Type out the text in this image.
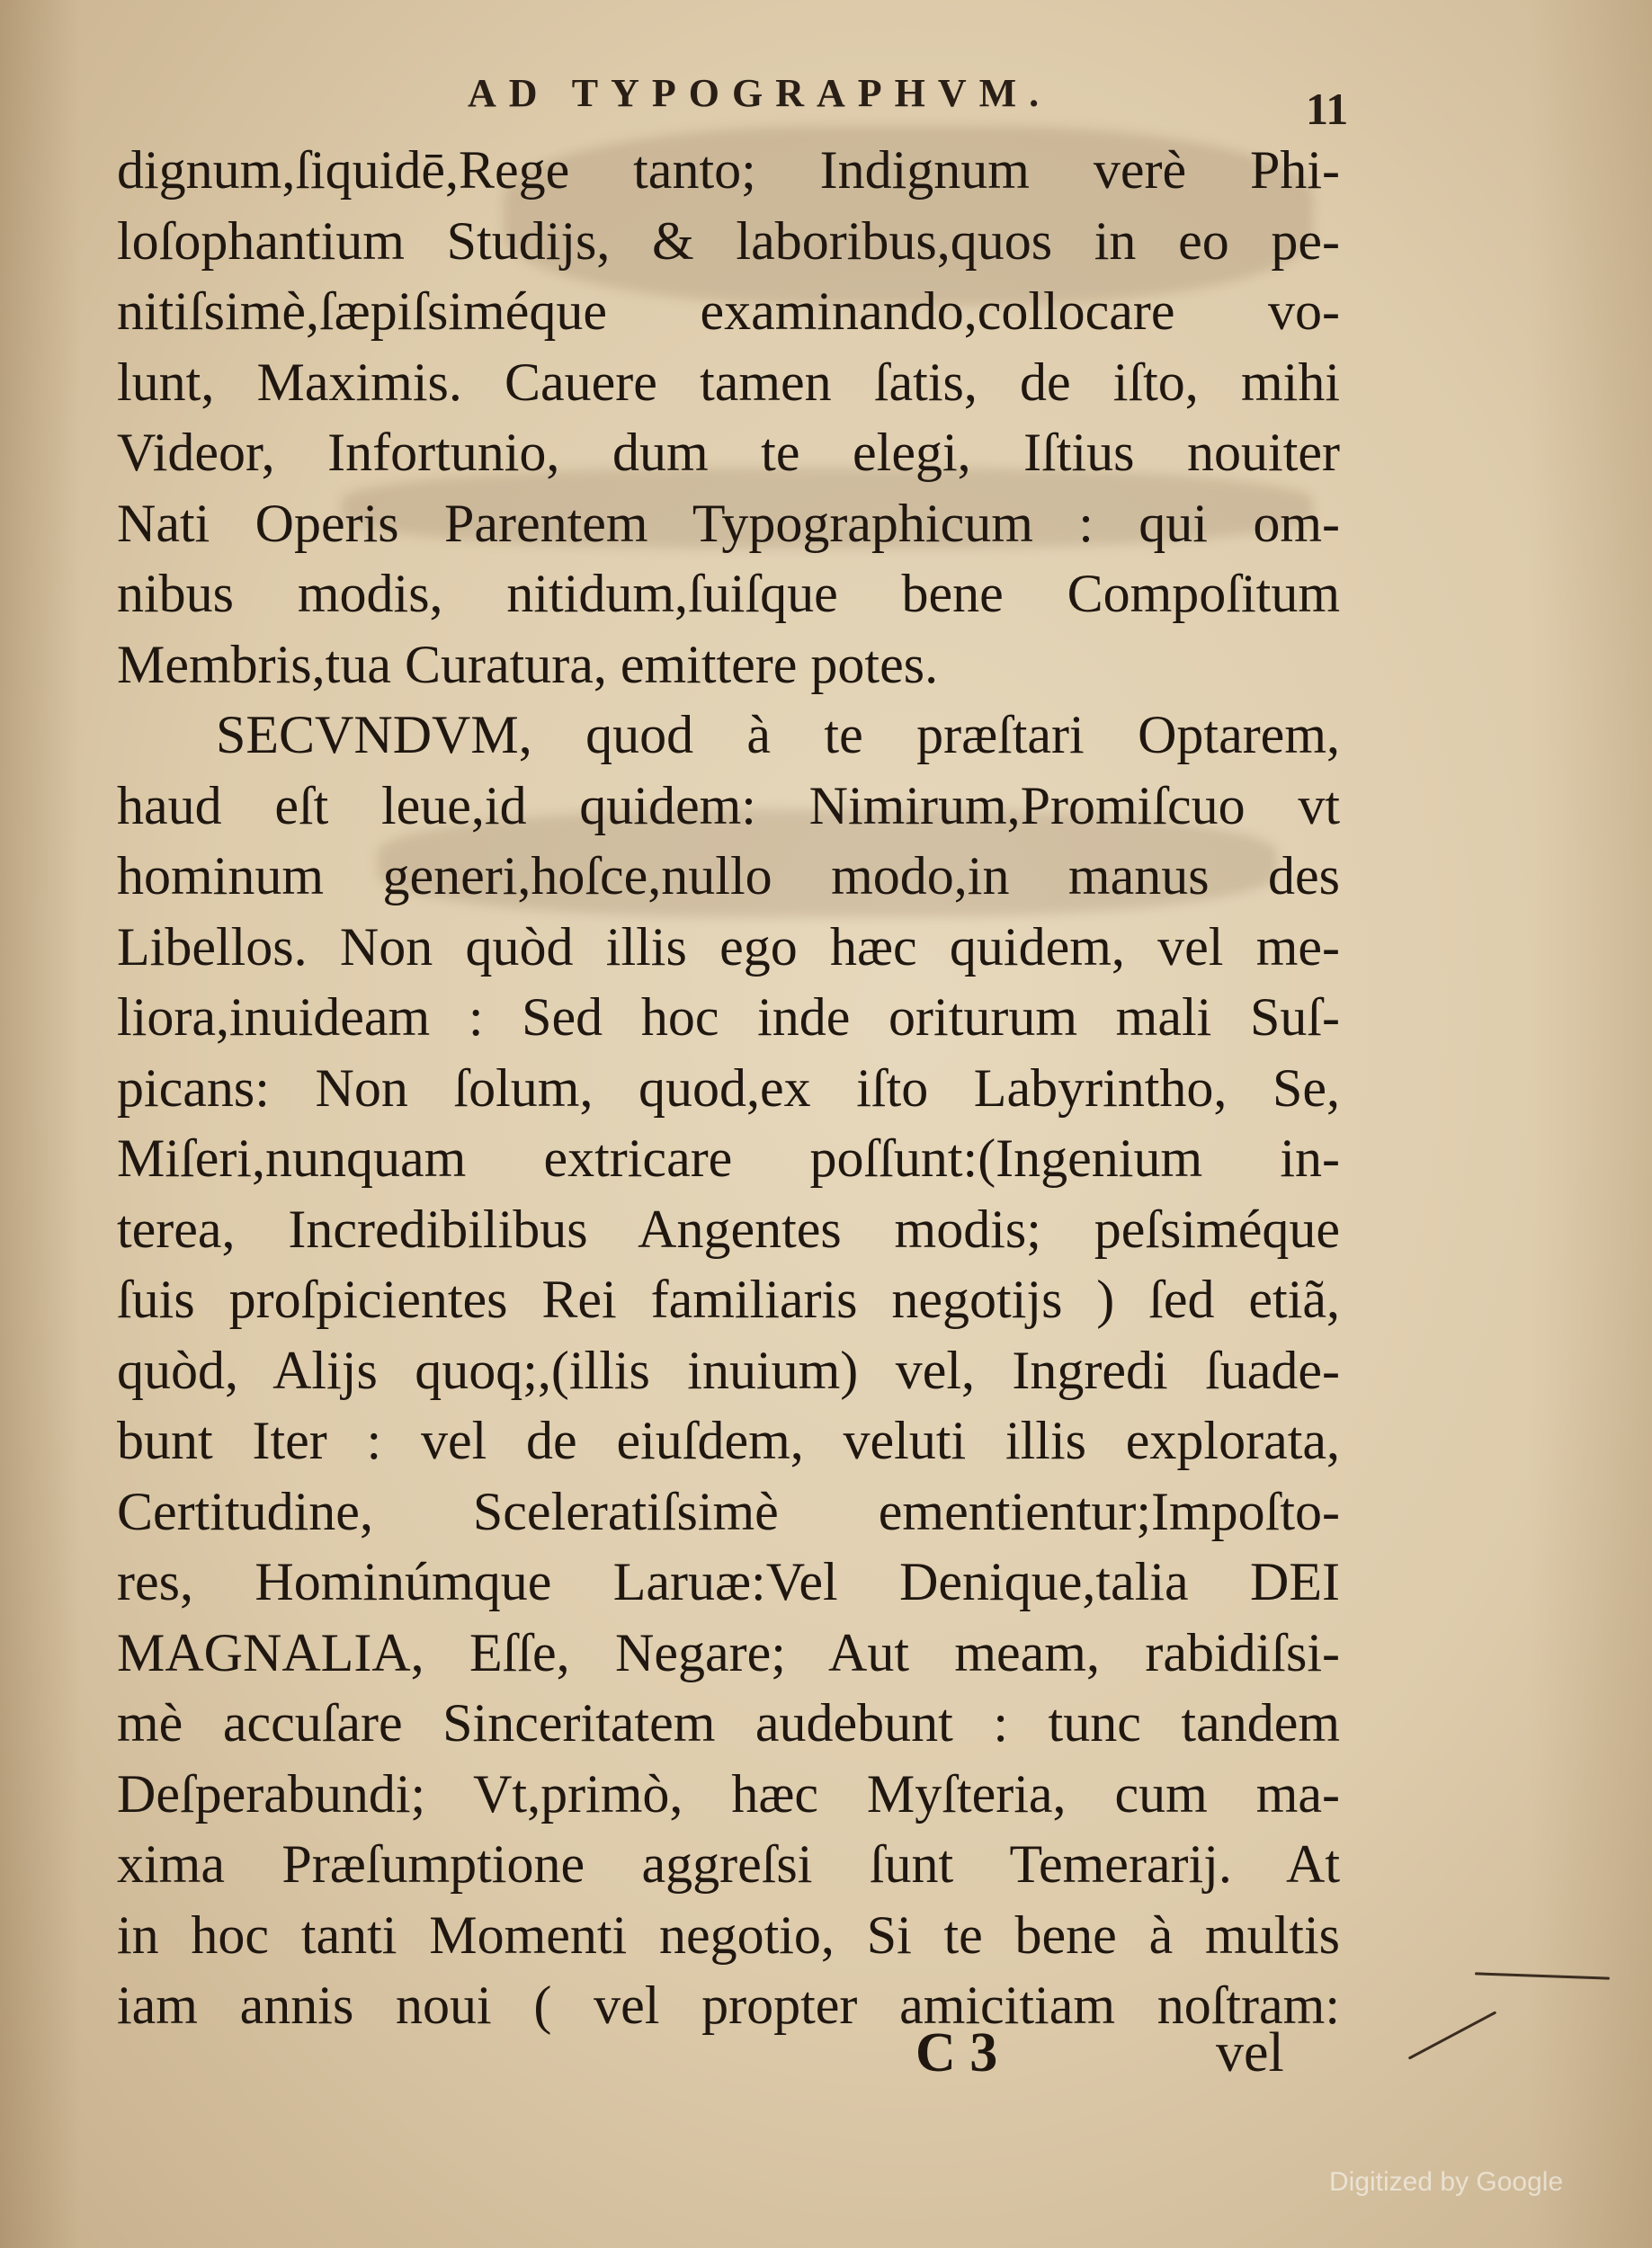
AD TYPOGRAPHVM.	11
dignum,ſiquidē,Rege tanto; Indignum verè Phi-
loſophantium Studijs, & laboribus,quos in eo pe-
nitiſsimè,ſæpiſsiméque examinando,collocare vo-
lunt, Maximis. Cauere tamen ſatis, de iſto, mihi
Videor, Infortunio, dum te elegi, Iſtius nouiter
Nati Operis Parentem Typographicum : qui om-
nibus modis, nitidum,ſuiſque bene Compoſitum
Membris,tua Curatura, emittere potes.
SECVNDVM, quod à te præſtari Optarem,
haud eſt leue,id quidem: Nimirum,Promiſcuo vt
hominum generi,hoſce,nullo modo,in manus des
Libellos. Non quòd illis ego hæc quidem, vel me-
liora,inuideam : Sed hoc inde oriturum mali Suſ-
picans: Non ſolum, quod,ex iſto Labyrintho, Se,
Miſeri,nunquam extricare poſſunt:(Ingenium in-
terea, Incredibilibus Angentes modis; peſsiméque
ſuis proſpicientes Rei familiaris negotijs ) ſed etiã,
quòd, Alijs quoq;,(illis inuium) vel, Ingredi ſuade-
bunt Iter : vel de eiuſdem, veluti illis explorata,
Certitudine, Sceleratiſsimè ementientur;Impoſto-
res, Hominúmque Laruæ:Vel Denique,talia DEI
MAGNALIA, Eſſe, Negare; Aut meam, rabidiſsi-
mè accuſare Sinceritatem audebunt : tunc tandem
Deſperabundi; Vt,primò, hæc Myſteria, cum ma-
xima Præſumptione aggreſsi ſunt Temerarij. At
in hoc tanti Momenti negotio, Si te bene à multis
iam annis noui ( vel propter amicitiam noſtram:
C 3	vel
Digitized by Google
